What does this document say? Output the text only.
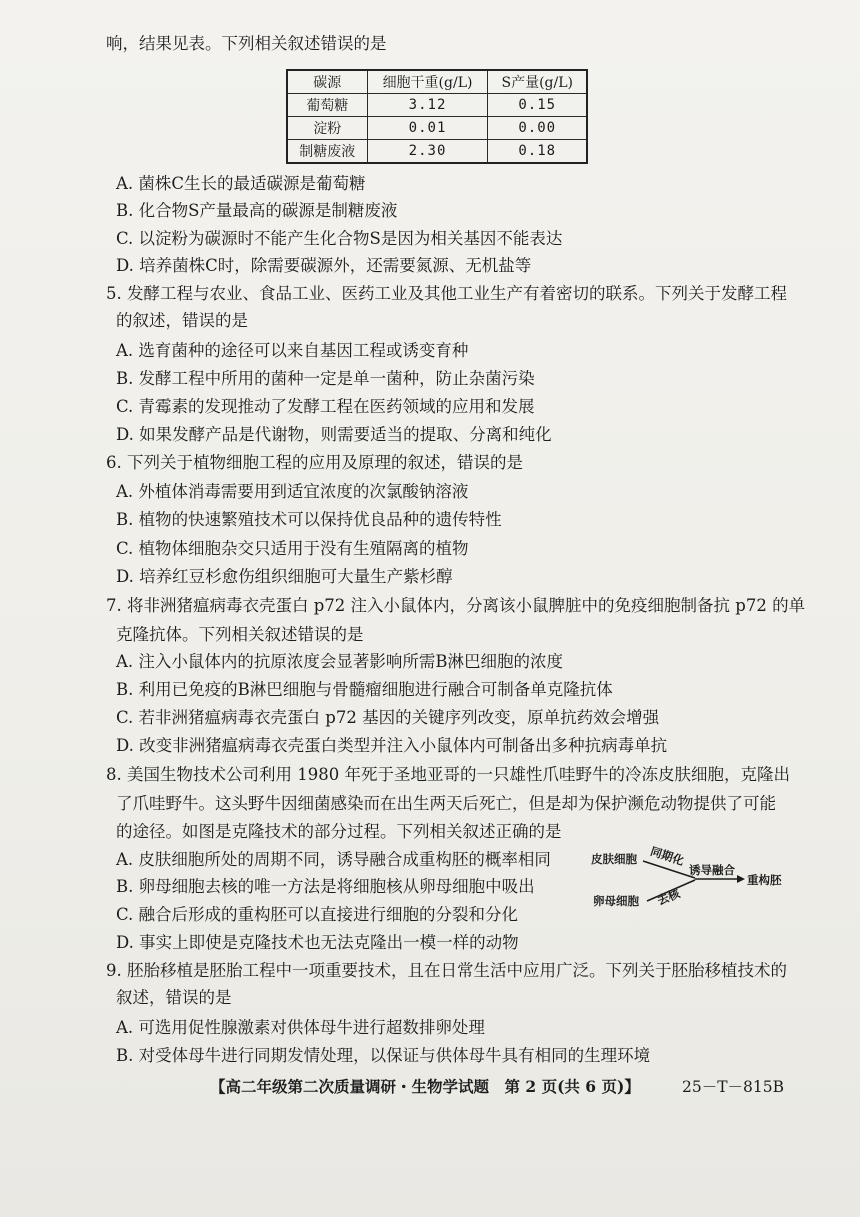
响，结果见表。下列相关叙述错误的是
碳源	细胞干重(g/L)	S产量(g/L)
葡萄糖	3.12	0.15
淀粉	0.01	0.00
制糖废液	2.30	0.18
A. 菌株C生长的最适碳源是葡萄糖
B. 化合物S产量最高的碳源是制糖废液
C. 以淀粉为碳源时不能产生化合物S是因为相关基因不能表达
D. 培养菌株C时，除需要碳源外，还需要氮源、无机盐等
5. 发酵工程与农业、食品工业、医药工业及其他工业生产有着密切的联系。下列关于发酵工程
的叙述，错误的是
A. 选育菌种的途径可以来自基因工程或诱变育种
B. 发酵工程中所用的菌种一定是单一菌种，防止杂菌污染
C. 青霉素的发现推动了发酵工程在医药领域的应用和发展
D. 如果发酵产品是代谢物，则需要适当的提取、分离和纯化
6. 下列关于植物细胞工程的应用及原理的叙述，错误的是
A. 外植体消毒需要用到适宜浓度的次氯酸钠溶液
B. 植物的快速繁殖技术可以保持优良品种的遗传特性
C. 植物体细胞杂交只适用于没有生殖隔离的植物
D. 培养红豆杉愈伤组织细胞可大量生产紫杉醇
7. 将非洲猪瘟病毒衣壳蛋白 p72 注入小鼠体内，分离该小鼠脾脏中的免疫细胞制备抗 p72 的单
克隆抗体。下列相关叙述错误的是
A. 注入小鼠体内的抗原浓度会显著影响所需B淋巴细胞的浓度
B. 利用已免疫的B淋巴细胞与骨髓瘤细胞进行融合可制备单克隆抗体
C. 若非洲猪瘟病毒衣壳蛋白 p72 基因的关键序列改变，原单抗药效会增强
D. 改变非洲猪瘟病毒衣壳蛋白类型并注入小鼠体内可制备出多种抗病毒单抗
8. 美国生物技术公司利用 1980 年死于圣地亚哥的一只雄性爪哇野牛的冷冻皮肤细胞，克隆出
了爪哇野牛。这头野牛因细菌感染而在出生两天后死亡，但是却为保护濒危动物提供了可能
的途径。如图是克隆技术的部分过程。下列相关叙述正确的是
A. 皮肤细胞所处的周期不同，诱导融合成重构胚的概率相同
B. 卵母细胞去核的唯一方法是将细胞核从卵母细胞中吸出
C. 融合后形成的重构胚可以直接进行细胞的分裂和分化
D. 事实上即使是克隆技术也无法克隆出一模一样的动物
皮肤细胞 同期化
诱导融合
重构胚
卵母细胞 去核
9. 胚胎移植是胚胎工程中一项重要技术，且在日常生活中应用广泛。下列关于胚胎移植技术的
叙述，错误的是
A. 可选用促性腺激素对供体母牛进行超数排卵处理
B. 对受体母牛进行同期发情处理，以保证与供体母牛具有相同的生理环境
【高二年级第二次质量调研・生物学试题　第 2 页(共 6 页)】	25－T－815B
